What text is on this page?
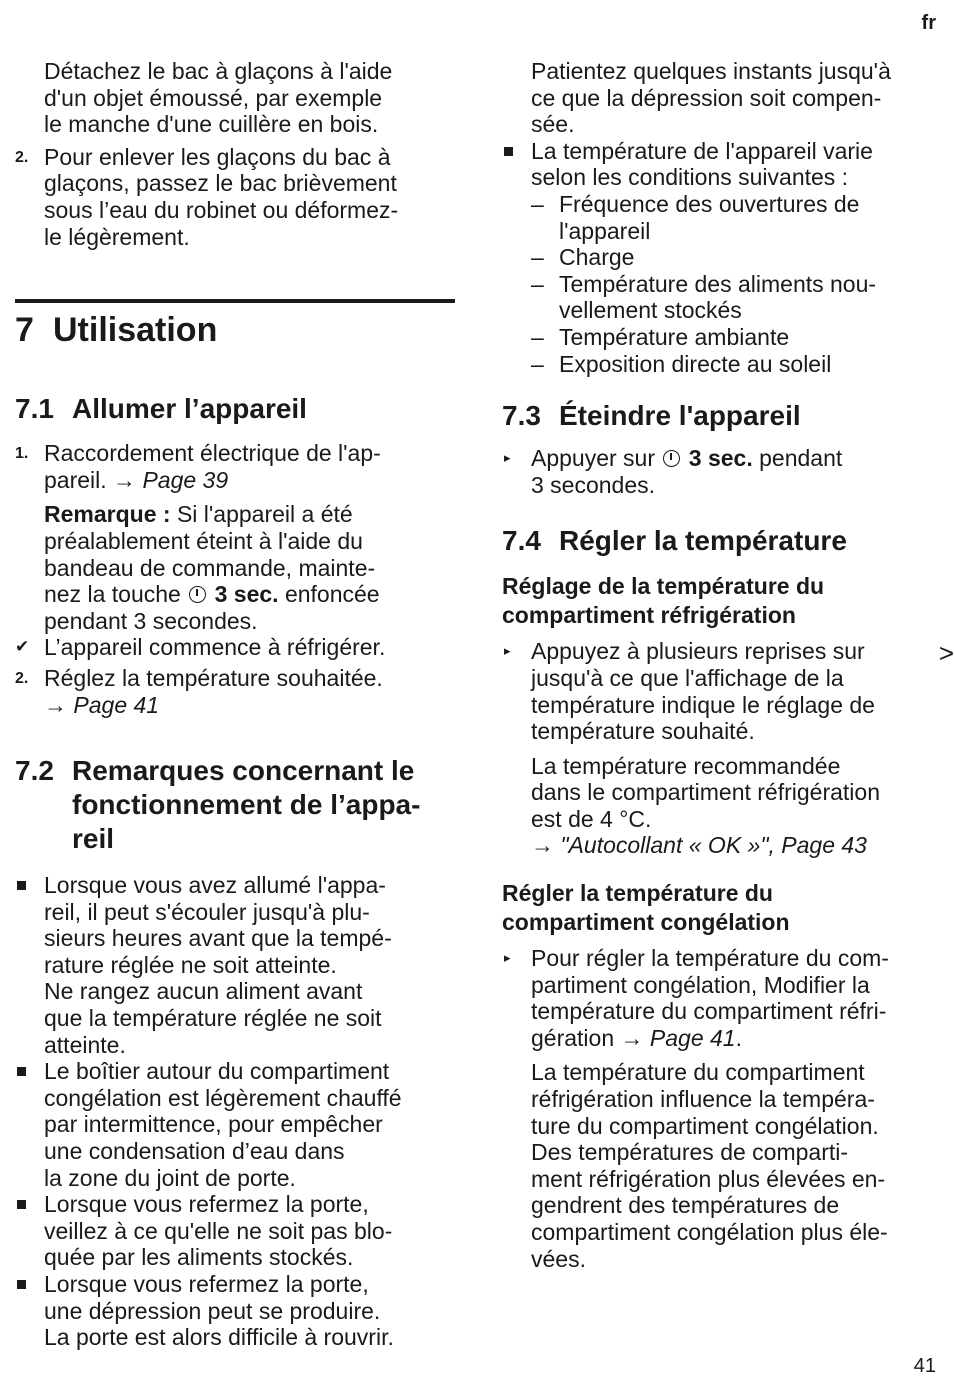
fr
Détachez le bac à glaçons à l'aide
d'un objet émoussé, par exemple
le manche d'une cuillère en bois.
2. Pour enlever les glaçons du bac à
glaçons, passez le bac brièvement
sous l’eau du robinet ou déformez-
le légèrement.
7 Utilisation
7.1 Allumer l’appareil
1. Raccordement électrique de l'ap-
pareil. → Page 39
Remarque : Si l'appareil a été
préalablement éteint à l'aide du
bandeau de commande, mainte-
nez la touche 3 sec. enfoncée
pendant 3 secondes.
✔ L’appareil commence à réfrigérer.
2. Réglez la température souhaitée.
→ Page 41
7.2 Remarques concernant le
fonctionnement de l’appa-
reil
Lorsque vous avez allumé l'appa-
reil, il peut s'écouler jusqu'à plu-
sieurs heures avant que la tempé-
rature réglée ne soit atteinte.
Ne rangez aucun aliment avant
que la température réglée ne soit
atteinte.
Le boîtier autour du compartiment
congélation est légèrement chauffé
par intermittence, pour empêcher
une condensation d’eau dans
la zone du joint de porte.
Lorsque vous refermez la porte,
veillez à ce qu'elle ne soit pas blo-
quée par les aliments stockés.
Lorsque vous refermez la porte,
une dépression peut se produire.
La porte est alors difficile à rouvrir.
Patientez quelques instants jusqu'à
ce que la dépression soit compen-
sée.
La température de l'appareil varie
selon les conditions suivantes :
– Fréquence des ouvertures de
l'appareil
– Charge
– Température des aliments nou-
vellement stockés
– Température ambiante
– Exposition directe au soleil
7.3 Éteindre l'appareil
▸ Appuyer sur 3 sec. pendant
3 secondes.
7.4 Régler la température
Réglage de la température du
compartiment réfrigération
▸ Appuyez à plusieurs reprises sur	>
jusqu'à ce que l'affichage de la
température indique le réglage de
température souhaité.
La température recommandée
dans le compartiment réfrigération
est de 4 °C.
→ "Autocollant « OK »", Page 43
Régler la température du
compartiment congélation
▸ Pour régler la température du com-
partiment congélation, Modifier la
température du compartiment réfri-
gération → Page 41.
La température du compartiment
réfrigération influence la tempéra-
ture du compartiment congélation.
Des températures de comparti-
ment réfrigération plus élevées en-
gendrent des températures de
compartiment congélation plus éle-
vées.
41
